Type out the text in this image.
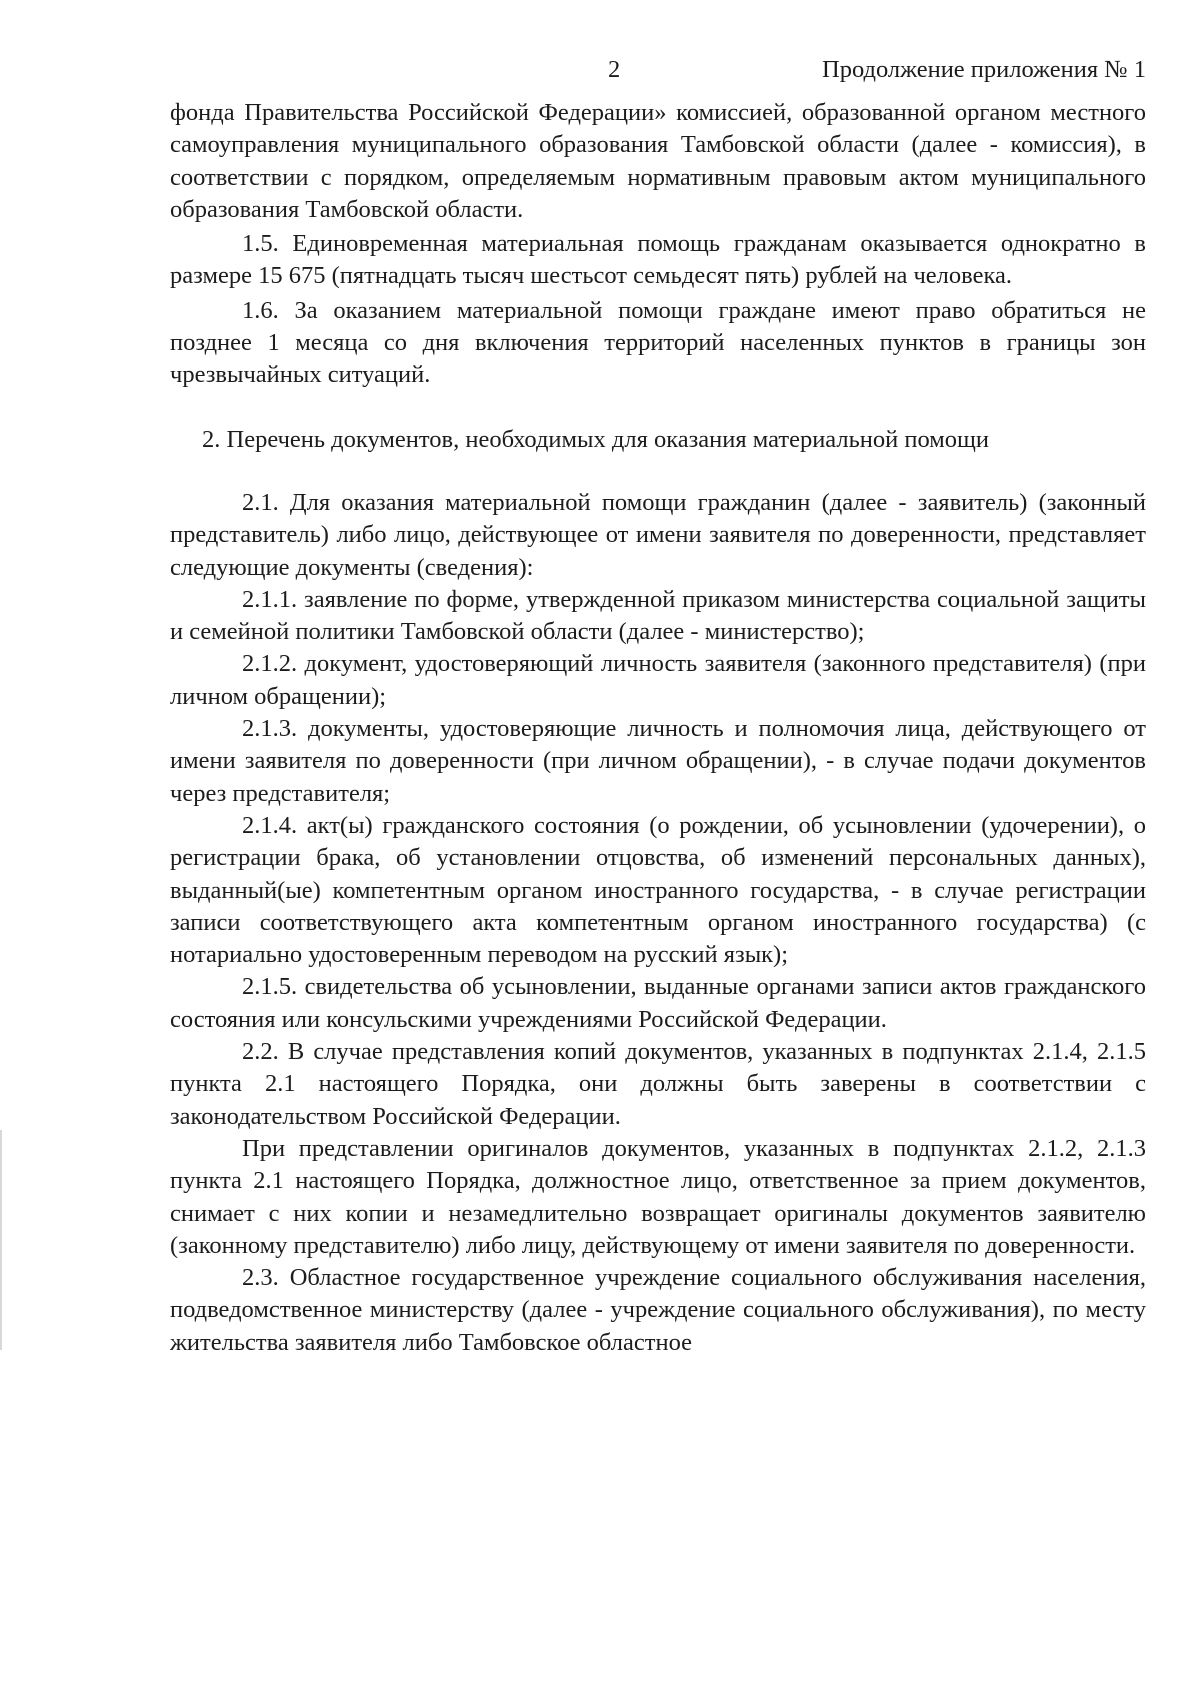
2	Продолжение приложения № 1

фонда Правительства Российской Федерации» комиссией, образованной органом местного самоуправления муниципального образования Тамбовской области (далее - комиссия), в соответствии с порядком, определяемым нормативным правовым актом муниципального образования Тамбовской области.

1.5. Единовременная материальная помощь гражданам оказывается однократно в размере 15 675 (пятнадцать тысяч шестьсот семьдесят пять) рублей на человека.

1.6. За оказанием материальной помощи граждане имеют право обратиться не позднее 1 месяца со дня включения территорий населенных пунктов в границы зон чрезвычайных ситуаций.

2. Перечень документов, необходимых для оказания материальной помощи

2.1. Для оказания материальной помощи гражданин (далее - заявитель) (законный представитель) либо лицо, действующее от имени заявителя по доверенности, представляет следующие документы (сведения):

2.1.1. заявление по форме, утвержденной приказом министерства социальной защиты и семейной политики Тамбовской области (далее - министерство);

2.1.2. документ, удостоверяющий личность заявителя (законного представителя) (при личном обращении);

2.1.3. документы, удостоверяющие личность и полномочия лица, действующего от имени заявителя по доверенности (при личном обращении), - в случае подачи документов через представителя;

2.1.4. акт(ы) гражданского состояния (о рождении, об усыновлении (удочерении), о регистрации брака, об установлении отцовства, об изменений персональных данных), выданный(ые) компетентным органом иностранного государства, - в случае регистрации записи соответствующего акта компетентным органом иностранного государства) (с нотариально удостоверенным переводом на русский язык);

2.1.5. свидетельства об усыновлении, выданные органами записи актов гражданского состояния или консульскими учреждениями Российской Федерации.

2.2. В случае представления копий документов, указанных в подпунктах 2.1.4, 2.1.5 пункта 2.1 настоящего Порядка, они должны быть заверены в соответствии с законодательством Российской Федерации.

При представлении оригиналов документов, указанных в подпунктах 2.1.2, 2.1.3 пункта 2.1 настоящего Порядка, должностное лицо, ответственное за прием документов, снимает с них копии и незамедлительно возвращает оригиналы документов заявителю (законному представителю) либо лицу, действующему от имени заявителя по доверенности.

2.3. Областное государственное учреждение социального обслуживания населения, подведомственное министерству (далее - учреждение социального обслуживания), по месту жительства заявителя либо Тамбовское областное
